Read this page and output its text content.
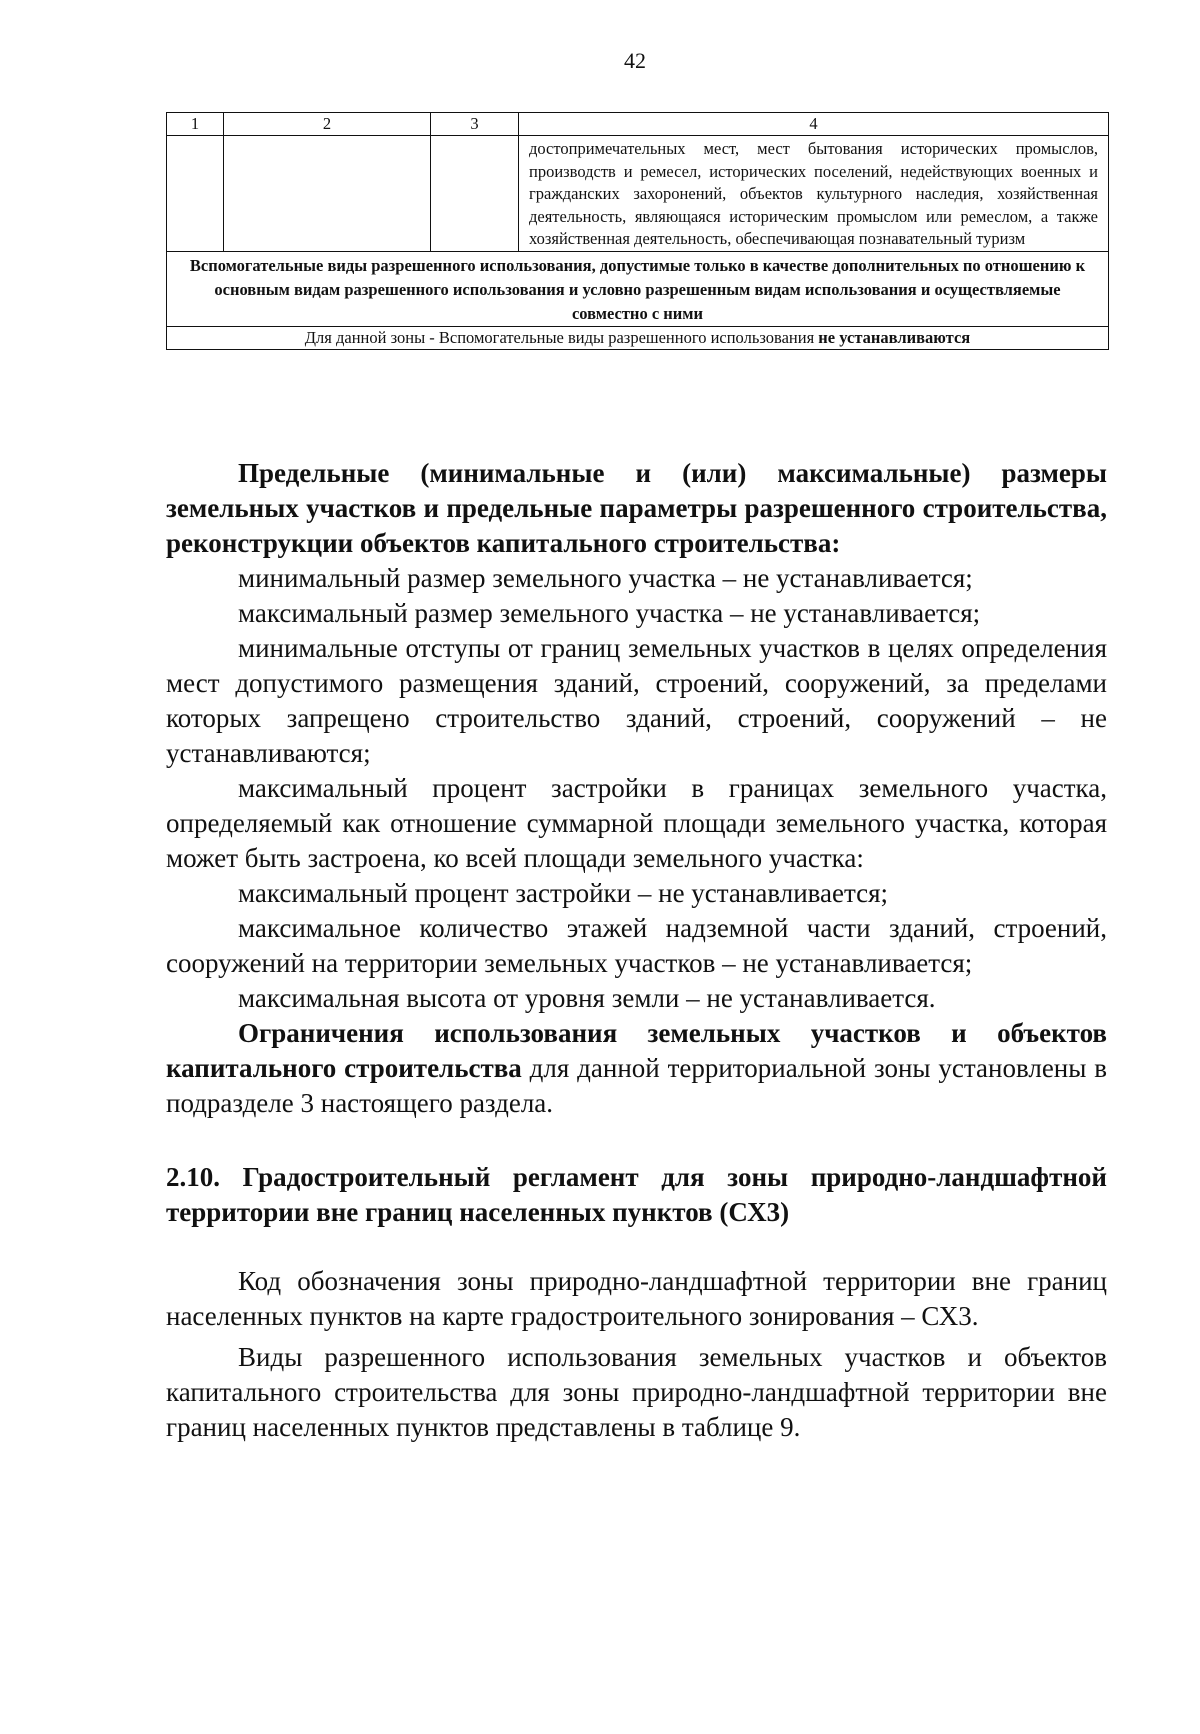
42
1	2	3	4
			достопримечательных мест, мест бытования исторических промыслов, производств и ремесел, исторических поселений, недействующих военных и гражданских захоронений, объектов культурного наследия, хозяйственная деятельность, являющаяся историческим промыслом или ремеслом, а также хозяйственная деятельность, обеспечивающая познавательный туризм
Вспомогательные виды разрешенного использования, допустимые только в качестве дополнительных по отношению к основным видам разрешенного использования и условно разрешенным видам использования и осуществляемые совместно с ними			
Для данной зоны - Вспомогательные виды разрешенного использования не устанавливаются			

Предельные (минимальные и (или) максимальные) размеры земельных участков и предельные параметры разрешенного строительства, реконструкции объектов капитального строительства:

минимальный размер земельного участка – не устанавливается;

максимальный размер земельного участка – не устанавливается;

минимальные отступы от границ земельных участков в целях определения мест допустимого размещения зданий, строений, сооружений, за пределами которых запрещено строительство зданий, строений, сооружений – не устанавливаются;

максимальный процент застройки в границах земельного участка, определяемый как отношение суммарной площади земельного участка, которая может быть застроена, ко всей площади земельного участка:

максимальный процент застройки – не устанавливается;

максимальное количество этажей надземной части зданий, строений, сооружений на территории земельных участков – не устанавливается;

максимальная высота от уровня земли – не устанавливается.

Ограничения использования земельных участков и объектов капитального строительства для данной территориальной зоны установлены в подразделе 3 настоящего раздела.

2.10. Градостроительный регламент для зоны природно-ландшафтной территории вне границ населенных пунктов (СХ3)

Код обозначения зоны природно-ландшафтной территории вне границ населенных пунктов на карте градостроительного зонирования – СХ3.

Виды разрешенного использования земельных участков и объектов капитального строительства для зоны природно-ландшафтной территории вне границ населенных пунктов представлены в таблице 9.
